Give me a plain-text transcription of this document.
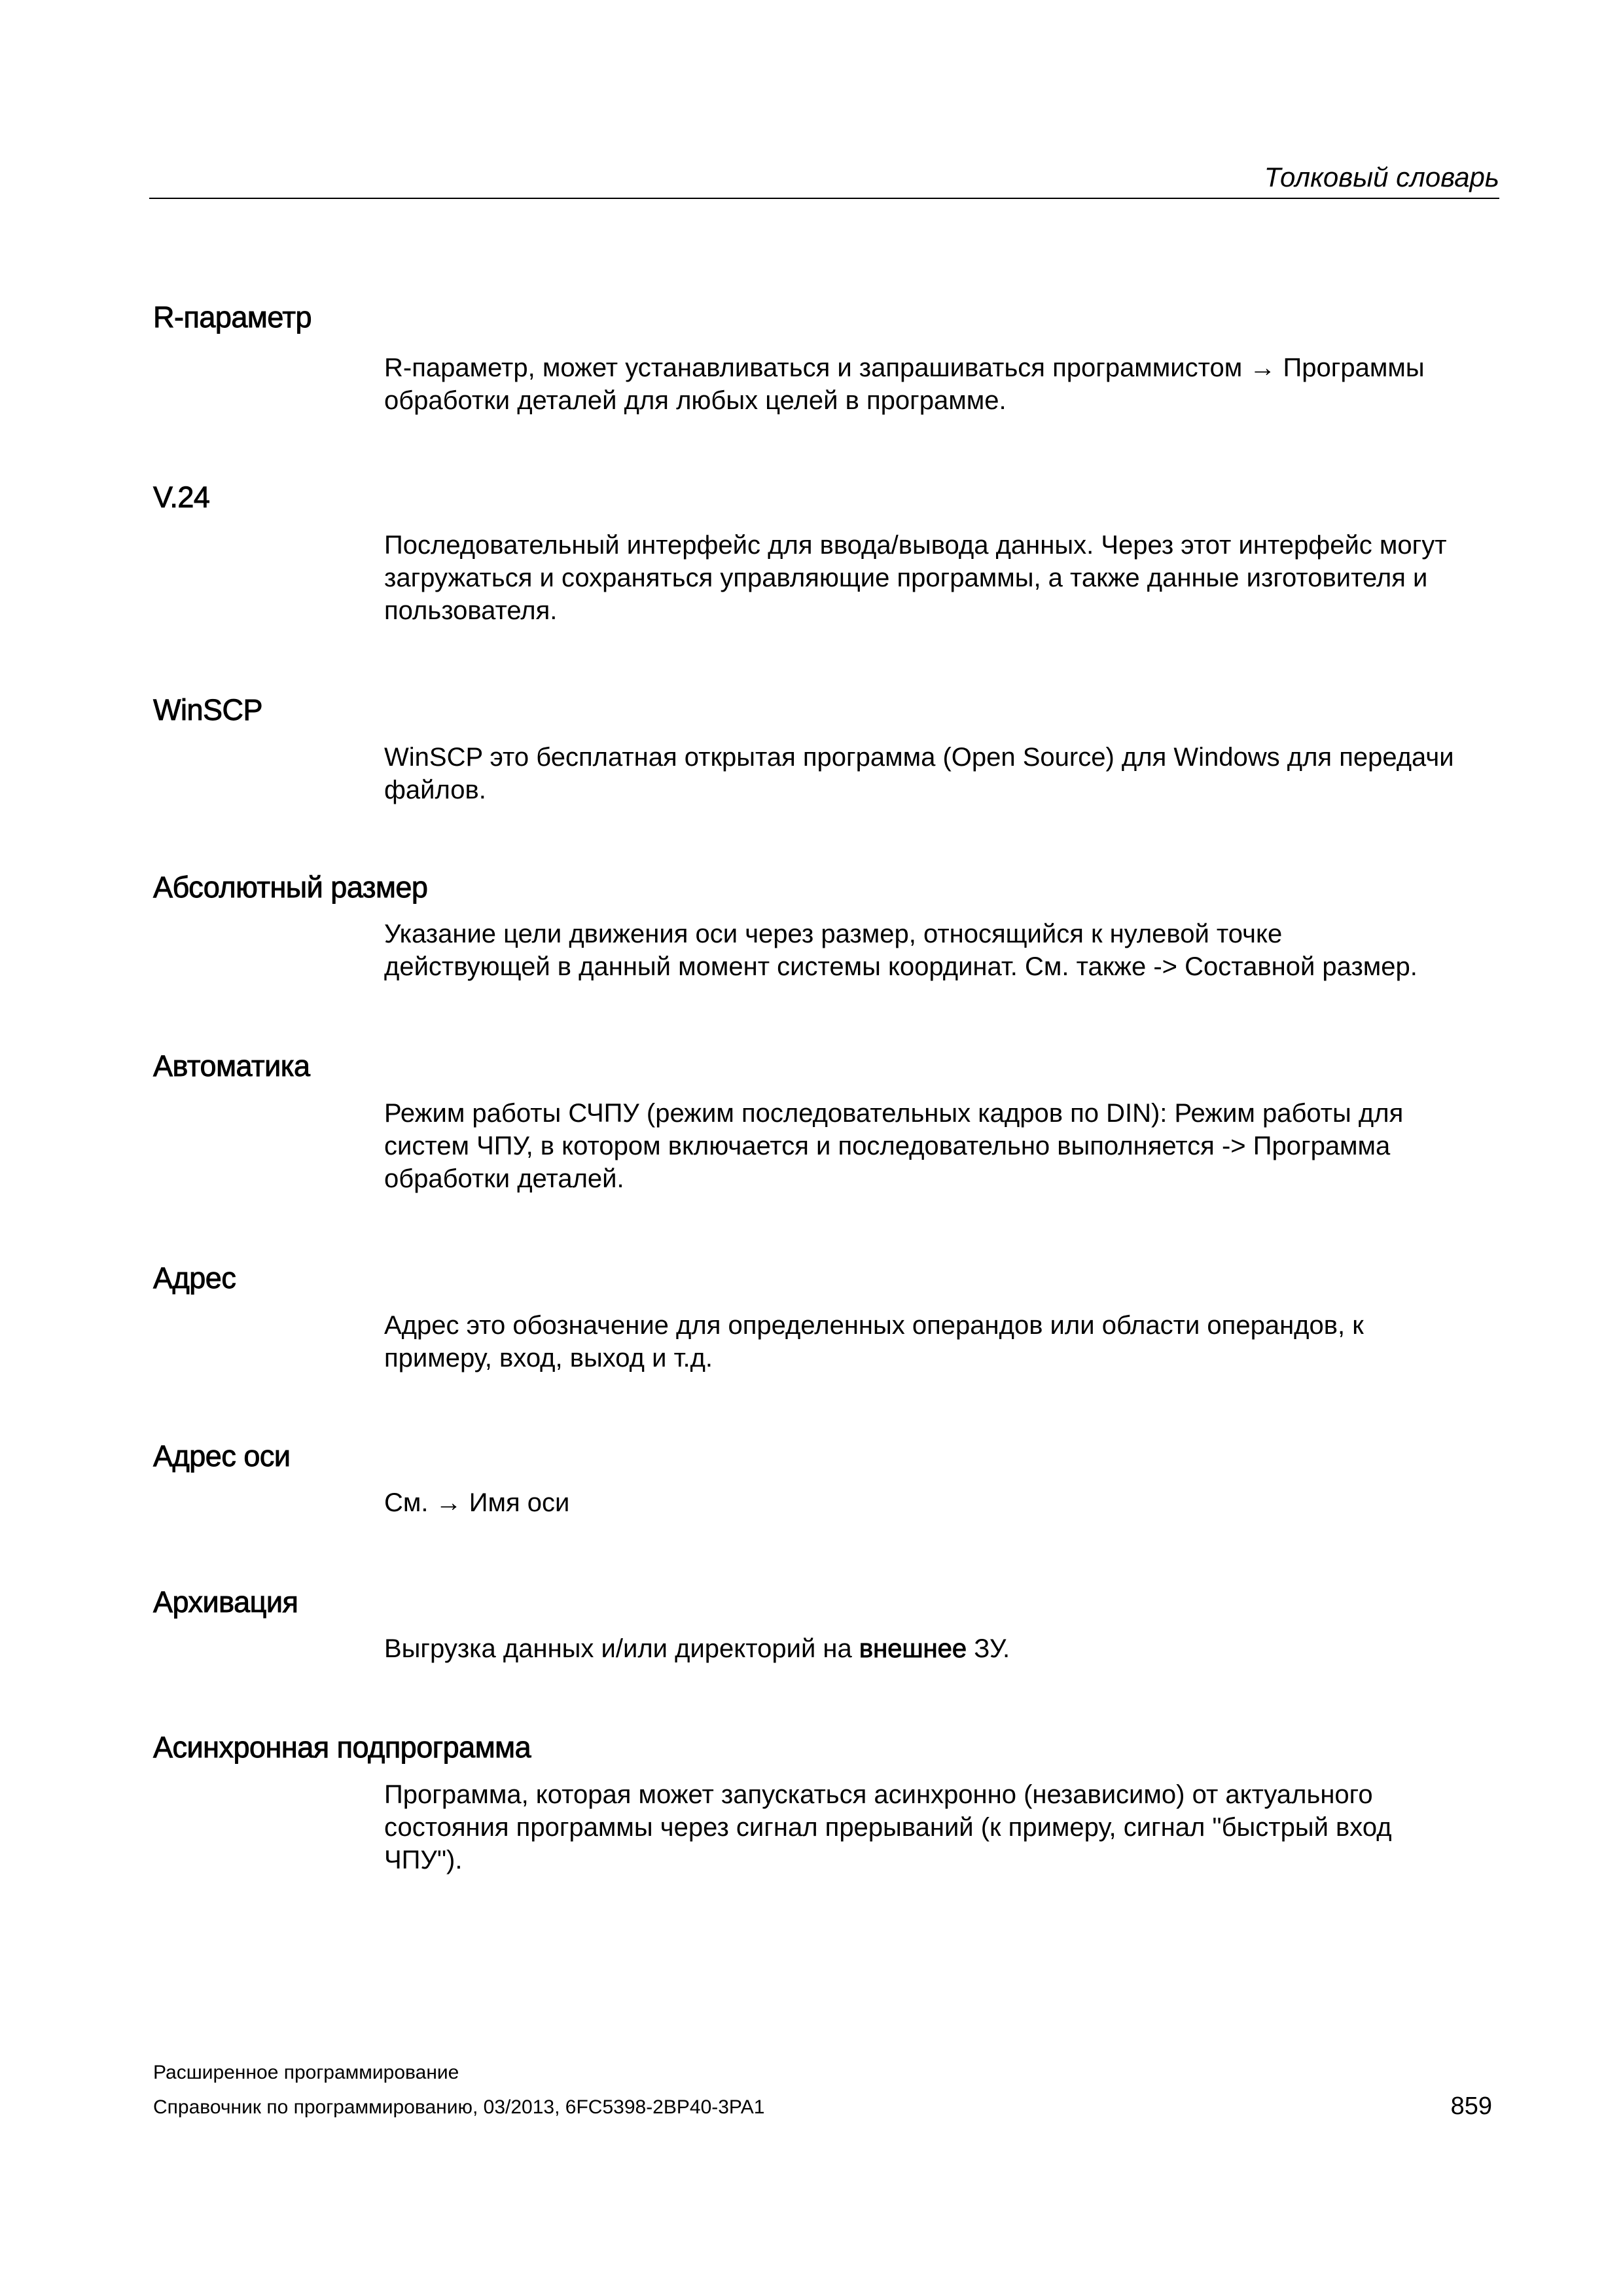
Толковый словарь
R-параметр

R-параметр, может устанавливаться и запрашиваться программистом → Программы
обработки деталей для любых целей в программе.

V.24

Последовательный интерфейс для ввода/вывода данных. Через этот интерфейс могут
загружаться и сохраняться управляющие программы, а также данные изготовителя и
пользователя.

WinSCP

WinSCP это бесплатная открытая программа (Open Source) для Windows для передачи
файлов.

Абсолютный размер

Указание цели движения оси через размер, относящийся к нулевой точке
действующей в данный момент системы координат. См. также -> Составной размер.

Автоматика

Режим работы СЧПУ (режим последовательных кадров по DIN): Режим работы для
систем ЧПУ, в котором включается и последовательно выполняется -> Программа
обработки деталей.

Адрес

Адрес это обозначение для определенных операндов или области операндов, к
примеру, вход, выход и т.д.

Адрес оси

См. → Имя оси

Архивация

Выгрузка данных и/или директорий на внешнее ЗУ.

Асинхронная подпрограмма

Программа, которая может запускаться асинхронно (независимо) от актуального
состояния программы через сигнал прерываний (к примеру, сигнал "быстрый вход
ЧПУ").

Расширенное программирование
Справочник по программированию, 03/2013, 6FC5398-2BP40-3PA1	859
